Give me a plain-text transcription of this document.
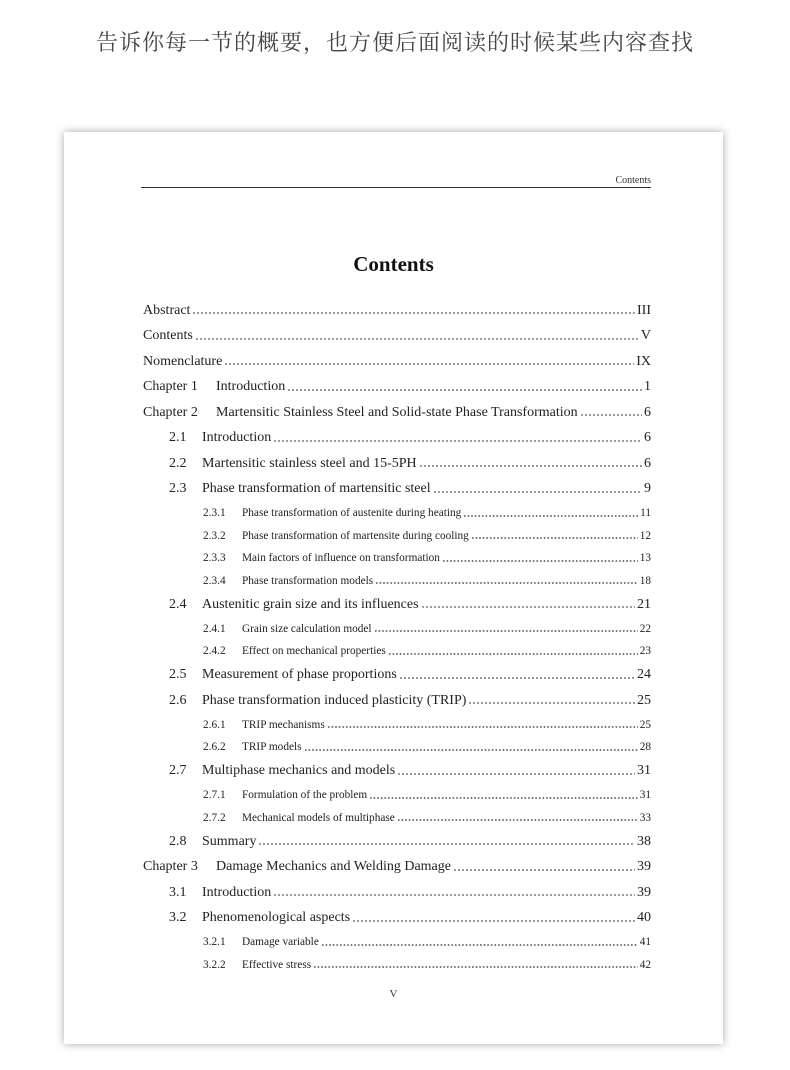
告诉你每一节的概要，也方便后面阅读的时候某些内容查找
Contents
Contents
Abstract	III
Contents	V
Nomenclature	IX
Chapter 1	Introduction	1
Chapter 2	Martensitic Stainless Steel and Solid-state Phase Transformation	6
2.1	Introduction	6
2.2	Martensitic stainless steel and 15-5PH	6
2.3	Phase transformation of martensitic steel	9
2.3.1	Phase transformation of austenite during heating	11
2.3.2	Phase transformation of martensite during cooling	12
2.3.3	Main factors of influence on transformation	13
2.3.4	Phase transformation models	18
2.4	Austenitic grain size and its influences	21
2.4.1	Grain size calculation model	22
2.4.2	Effect on mechanical properties	23
2.5	Measurement of phase proportions	24
2.6	Phase transformation induced plasticity (TRIP)	25
2.6.1	TRIP mechanisms	25
2.6.2	TRIP models	28
2.7	Multiphase mechanics and models	31
2.7.1	Formulation of the problem	31
2.7.2	Mechanical models of multiphase	33
2.8	Summary	38
Chapter 3	Damage Mechanics and Welding Damage	39
3.1	Introduction	39
3.2	Phenomenological aspects	40
3.2.1	Damage variable	41
3.2.2	Effective stress	42
V
